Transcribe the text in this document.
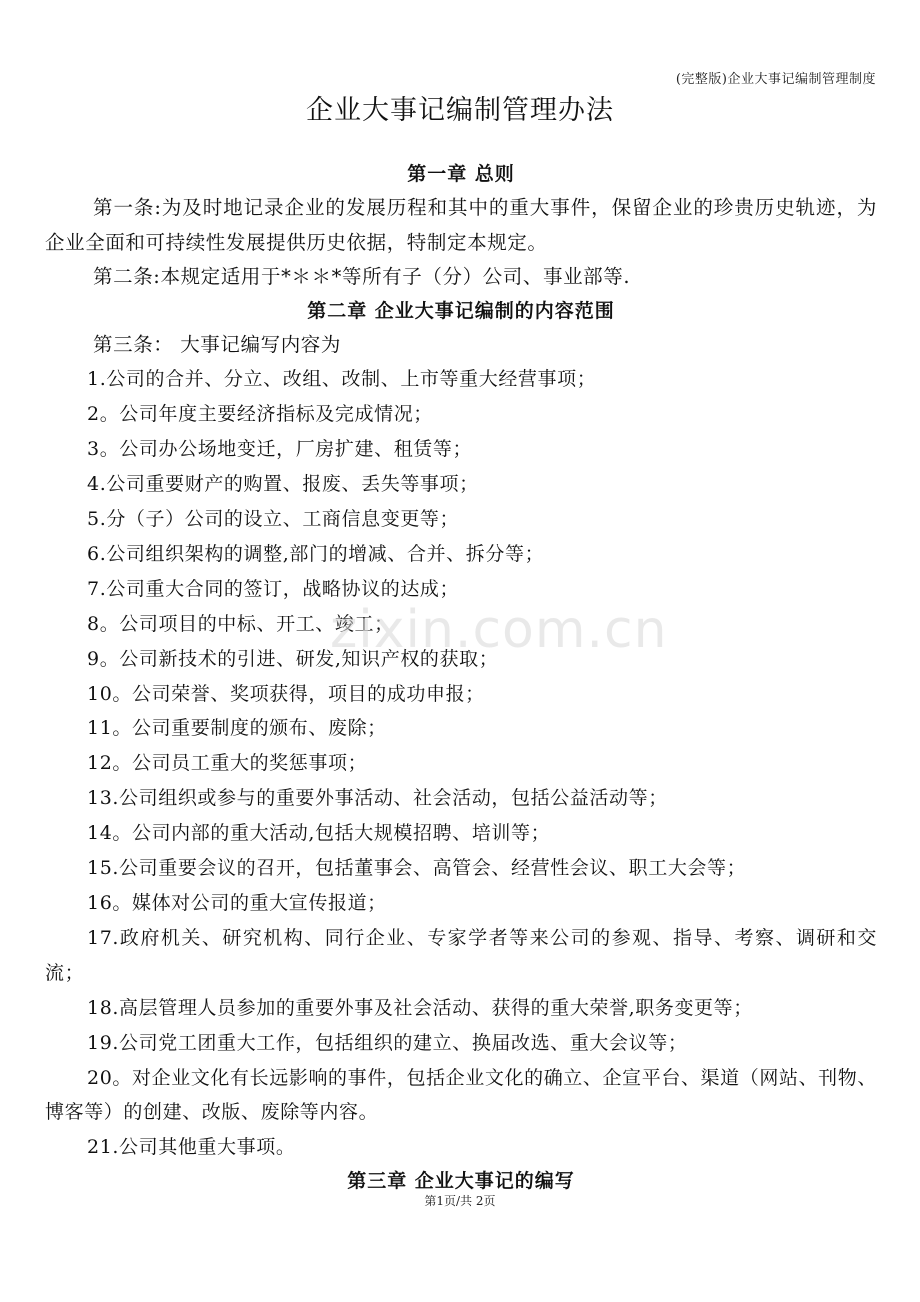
(完整版)企业大事记编制管理制度
企业大事记编制管理办法
第一章 总则

第一条:为及时地记录企业的发展历程和其中的重大事件，保留企业的珍贵历史轨迹，为企业全面和可持续性发展提供历史依据，特制定本规定。

第二条:本规定适用于*＊＊*等所有子（分）公司、事业部等.

第二章 企业大事记编制的内容范围

第三条： 大事记编写内容为

1.公司的合并、分立、改组、改制、上市等重大经营事项；

2。公司年度主要经济指标及完成情况；

3。公司办公场地变迁，厂房扩建、租赁等；

4.公司重要财产的购置、报废、丢失等事项；

5.分（子）公司的设立、工商信息变更等；

6.公司组织架构的调整,部门的增减、合并、拆分等；

7.公司重大合同的签订，战略协议的达成；

8。公司项目的中标、开工、竣工；

9。公司新技术的引进、研发,知识产权的获取；

10。公司荣誉、奖项获得，项目的成功申报；

11。公司重要制度的颁布、废除；

12。公司员工重大的奖惩事项；

13.公司组织或参与的重要外事活动、社会活动，包括公益活动等；

14。公司内部的重大活动,包括大规模招聘、培训等；

15.公司重要会议的召开，包括董事会、高管会、经营性会议、职工大会等；

16。媒体对公司的重大宣传报道；

17.政府机关、研究机构、同行企业、专家学者等来公司的参观、指导、考察、调研和交流；

18.高层管理人员参加的重要外事及社会活动、获得的重大荣誉,职务变更等；

19.公司党工团重大工作，包括组织的建立、换届改选、重大会议等；

20。对企业文化有长远影响的事件，包括企业文化的确立、企宣平台、渠道（网站、刊物、博客等）的创建、改版、废除等内容。

21.公司其他重大事项。

第三章 企业大事记的编写
zixin.com.cn
第1页/共 2页
